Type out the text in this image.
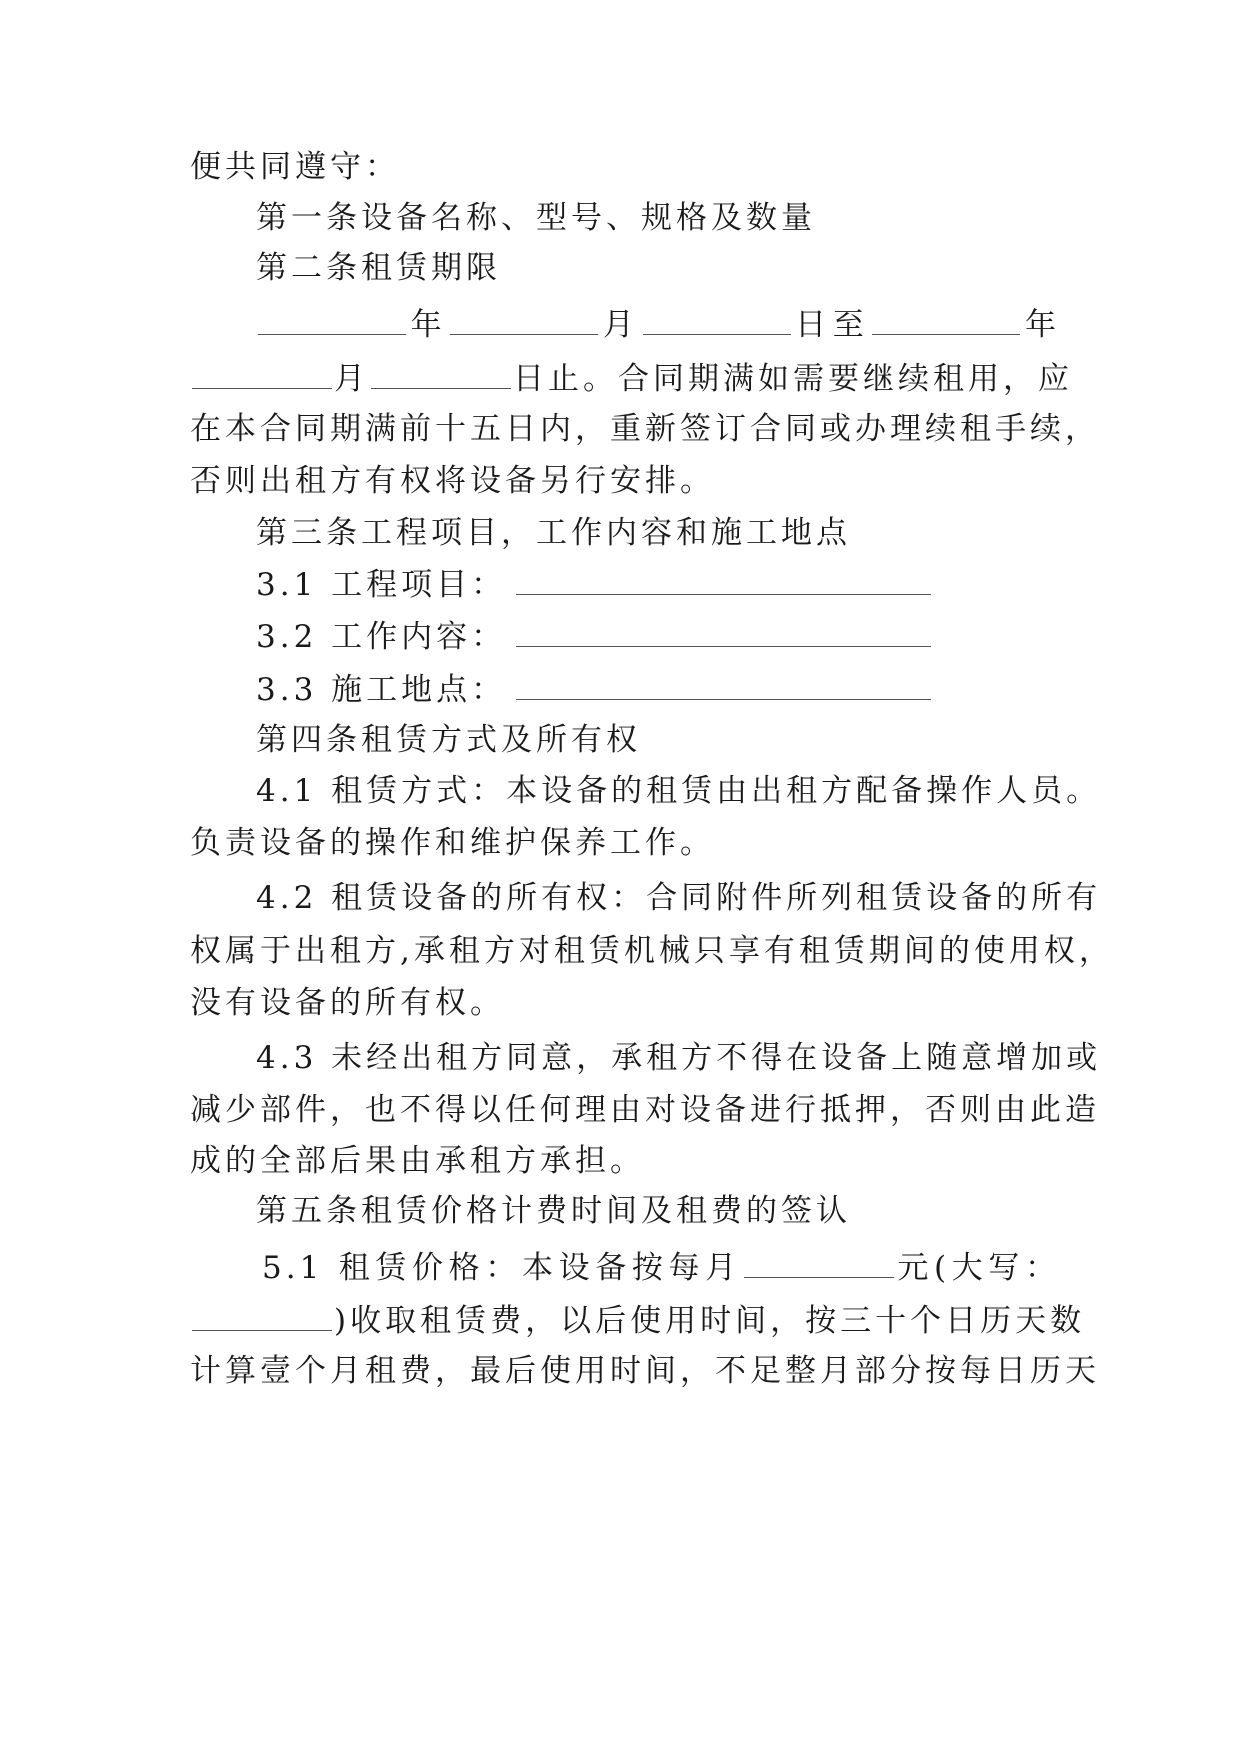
便共同遵守：
第一条设备名称、型号、规格及数量
第二条租赁期限
年	月	日至	年
月	日止。合同期满如需要继续租用，应
在本合同期满前十五日内，重新签订合同或办理续租手续，
否则出租方有权将设备另行安排。
第三条工程项目，工作内容和施工地点
3.1 工程项目：
3.2 工作内容：
3.3 施工地点：
第四条租赁方式及所有权
4.1 租赁方式：本设备的租赁由出租方配备操作人员。
负责设备的操作和维护保养工作。
4.2 租赁设备的所有权：合同附件所列租赁设备的所有
权属于出租方,承租方对租赁机械只享有租赁期间的使用权，
没有设备的所有权。
4.3 未经出租方同意，承租方不得在设备上随意增加或
减少部件，也不得以任何理由对设备进行抵押，否则由此造
成的全部后果由承租方承担。
第五条租赁价格计费时间及租费的签认
5.1 租赁价格：本设备按每月	元(大写：
)收取租赁费，以后使用时间，按三十个日历天数
计算壹个月租费，最后使用时间，不足整月部分按每日历天
